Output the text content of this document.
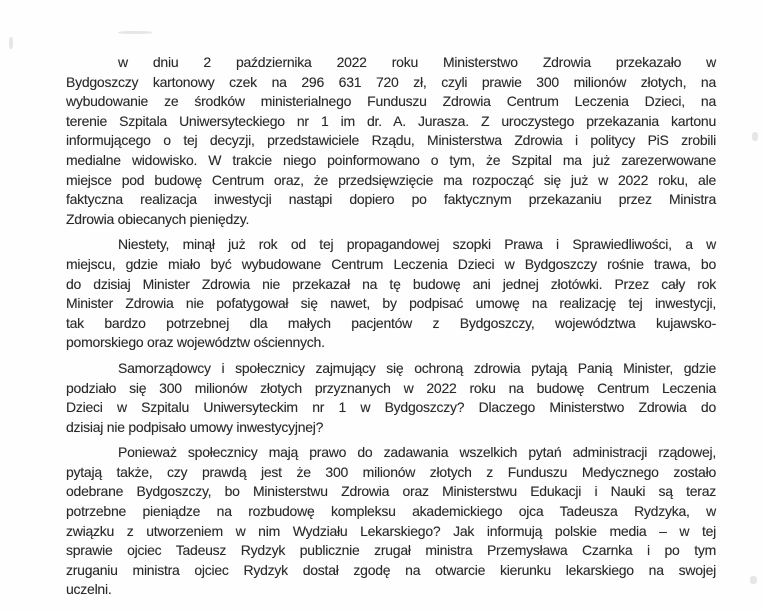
w dniu 2 października 2022 roku Ministerstwo Zdrowia przekazało w
Bydgoszczy kartonowy czek na 296 631 720 zł, czyli prawie 300 milionów złotych, na
wybudowanie ze środków ministerialnego Funduszu Zdrowia Centrum Leczenia Dzieci, na
terenie Szpitala Uniwersyteckiego nr 1 im dr. A. Jurasza. Z uroczystego przekazania kartonu
informującego o tej decyzji, przedstawiciele Rządu, Ministerstwa Zdrowia i politycy PiS zrobili
medialne widowisko. W trakcie niego poinformowano o tym, że Szpital ma już zarezerwowane
miejsce pod budowę Centrum oraz, że przedsięwzięcie ma rozpocząć się już w 2022 roku, ale
faktyczna realizacja inwestycji nastąpi dopiero po faktycznym przekazaniu przez Ministra
Zdrowia obiecanych pieniędzy.
Niestety, minął już rok od tej propagandowej szopki Prawa i Sprawiedliwości, a w
miejscu, gdzie miało być wybudowane Centrum Leczenia Dzieci w Bydgoszczy rośnie trawa, bo
do dzisiaj Minister Zdrowia nie przekazał na tę budowę ani jednej złotówki. Przez cały rok
Minister Zdrowia nie pofatygował się nawet, by podpisać umowę na realizację tej inwestycji,
tak bardzo potrzebnej dla małych pacjentów z Bydgoszczy, województwa kujawsko-
pomorskiego oraz województw ościennych.
Samorządowcy i społecznicy zajmujący się ochroną zdrowia pytają Panią Minister, gdzie
podziało się 300 milionów złotych przyznanych w 2022 roku na budowę Centrum Leczenia
Dzieci w Szpitalu Uniwersyteckim nr 1 w Bydgoszczy? Dlaczego Ministerstwo Zdrowia do
dzisiaj nie podpisało umowy inwestycyjnej?
Ponieważ społecznicy mają prawo do zadawania wszelkich pytań administracji rządowej,
pytają także, czy prawdą jest że 300 milionów złotych z Funduszu Medycznego zostało
odebrane Bydgoszczy, bo Ministerstwu Zdrowia oraz Ministerstwu Edukacji i Nauki są teraz
potrzebne pieniądze na rozbudowę kompleksu akademickiego ojca Tadeusza Rydzyka, w
związku z utworzeniem w nim Wydziału Lekarskiego? Jak informują polskie media – w tej
sprawie ojciec Tadeusz Rydzyk publicznie zrugał ministra Przemysława Czarnka i po tym
zruganiu ministra ojciec Rydzyk dostał zgodę na otwarcie kierunku lekarskiego na swojej
uczelni.
